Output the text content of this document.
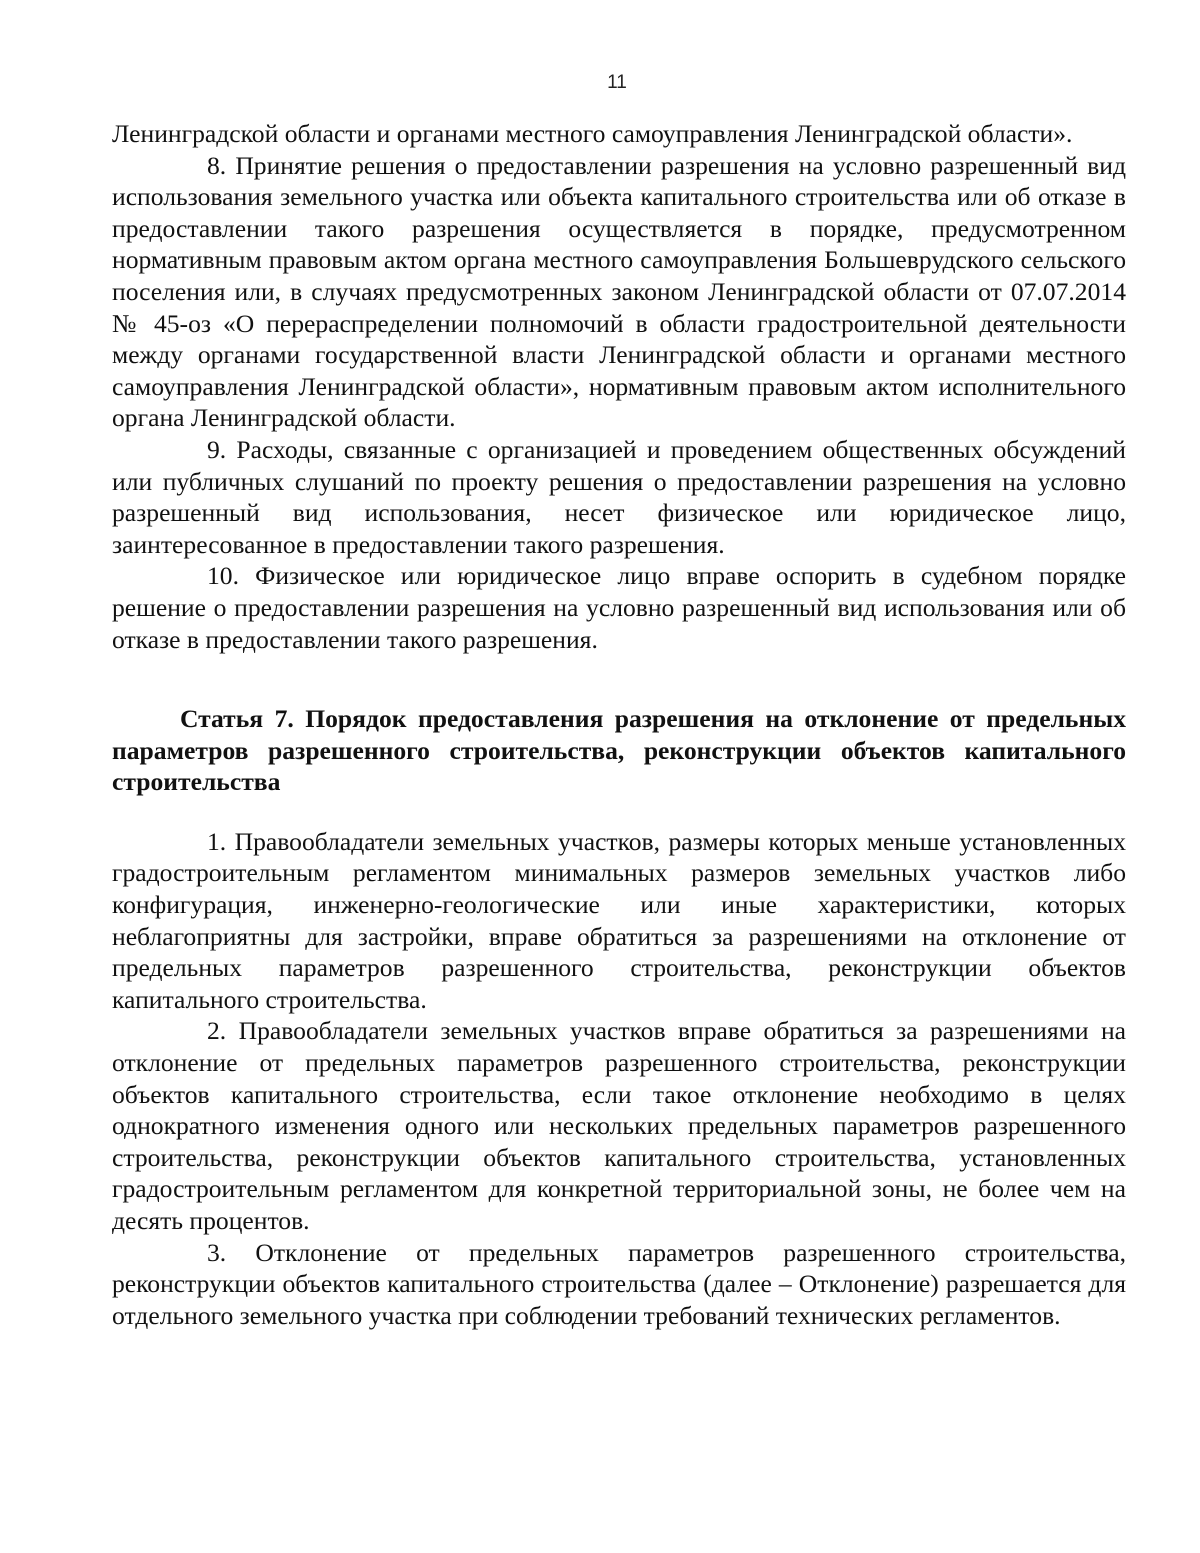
11

Ленинградской области и органами местного самоуправления Ленинградской области».

8. Принятие решения о предоставлении разрешения на условно разрешенный вид использования земельного участка или объекта капитального строительства или об отказе в предоставлении такого разрешения осуществляется в порядке, предусмотренном нормативным правовым актом органа местного самоуправления Большеврудского сельского поселения или, в случаях предусмотренных законом Ленинградской области от 07.07.2014 № 45-оз «О перераспределении полномочий в области градостроительной деятельности между органами государственной власти Ленинградской области и органами местного самоуправления Ленинградской области», нормативным правовым актом исполнительного органа Ленинградской области.

9. Расходы, связанные с организацией и проведением общественных обсуждений или публичных слушаний по проекту решения о предоставлении разрешения на условно разрешенный вид использования, несет физическое или юридическое лицо, заинтересованное в предоставлении такого разрешения.

10. Физическое или юридическое лицо вправе оспорить в судебном порядке решение о предоставлении разрешения на условно разрешенный вид использования или об отказе в предоставлении такого разрешения.

Статья 7. Порядок предоставления разрешения на отклонение от предельных параметров разрешенного строительства, реконструкции объектов капитального строительства

1. Правообладатели земельных участков, размеры которых меньше установленных градостроительным регламентом минимальных размеров земельных участков либо конфигурация, инженерно-геологические или иные характеристики, которых неблагоприятны для застройки, вправе обратиться за разрешениями на отклонение от предельных параметров разрешенного строительства, реконструкции объектов капитального строительства.

2. Правообладатели земельных участков вправе обратиться за разрешениями на отклонение от предельных параметров разрешенного строительства, реконструкции объектов капитального строительства, если такое отклонение необходимо в целях однократного изменения одного или нескольких предельных параметров разрешенного строительства, реконструкции объектов капитального строительства, установленных градостроительным регламентом для конкретной территориальной зоны, не более чем на десять процентов.

3. Отклонение от предельных параметров разрешенного строительства, реконструкции объектов капитального строительства (далее – Отклонение) разрешается для отдельного земельного участка при соблюдении требований технических регламентов.
